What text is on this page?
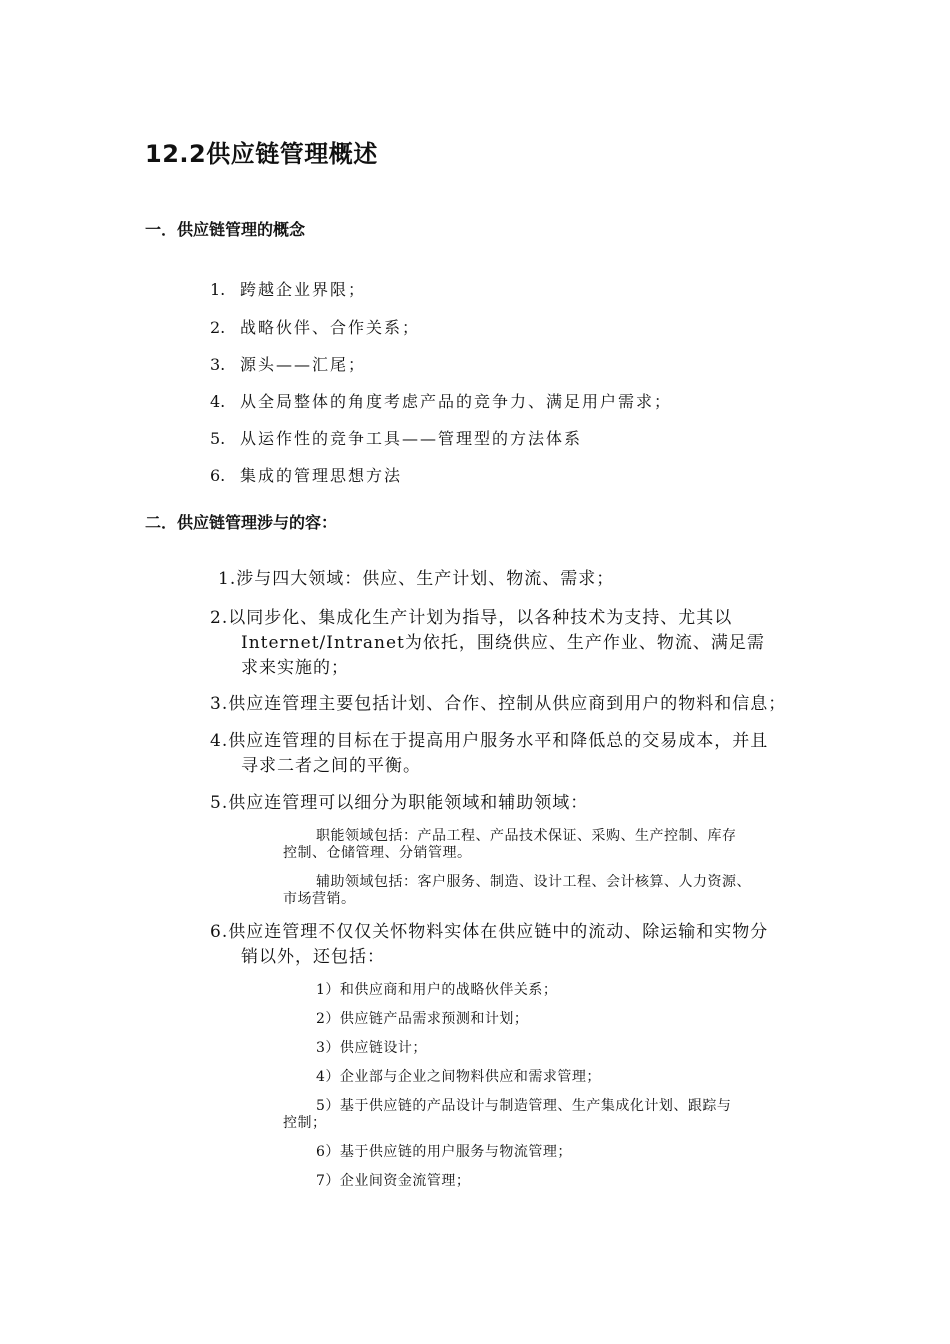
12.2供应链管理概述
一．供应链管理的概念
1. 跨越企业界限；
2. 战略伙伴、合作关系；
3. 源头——汇尾；
4. 从全局整体的角度考虑产品的竞争力、满足用户需求；
5. 从运作性的竞争工具——管理型的方法体系
6. 集成的管理思想方法
二．供应链管理涉与的容：
1.涉与四大领域：供应、生产计划、物流、需求；
2.以同步化、集成化生产计划为指导，以各种技术为支持、尤其以
Internet/Intranet为依托，围绕供应、生产作业、物流、满足需
求来实施的；
3.供应连管理主要包括计划、合作、控制从供应商到用户的物料和信息；
4.供应连管理的目标在于提高用户服务水平和降低总的交易成本，并且
寻求二者之间的平衡。
5.供应连管理可以细分为职能领域和辅助领域：
职能领域包括：产品工程、产品技术保证、采购、生产控制、库存
控制、仓储管理、分销管理。
辅助领域包括：客户服务、制造、设计工程、会计核算、人力资源、
市场营销。
6.供应连管理不仅仅关怀物料实体在供应链中的流动、除运输和实物分
销以外，还包括：
1）和供应商和用户的战略伙伴关系；
2）供应链产品需求预测和计划；
3）供应链设计；
4）企业部与企业之间物料供应和需求管理；
5）基于供应链的产品设计与制造管理、生产集成化计划、跟踪与
控制；
6）基于供应链的用户服务与物流管理；
7）企业间资金流管理；
